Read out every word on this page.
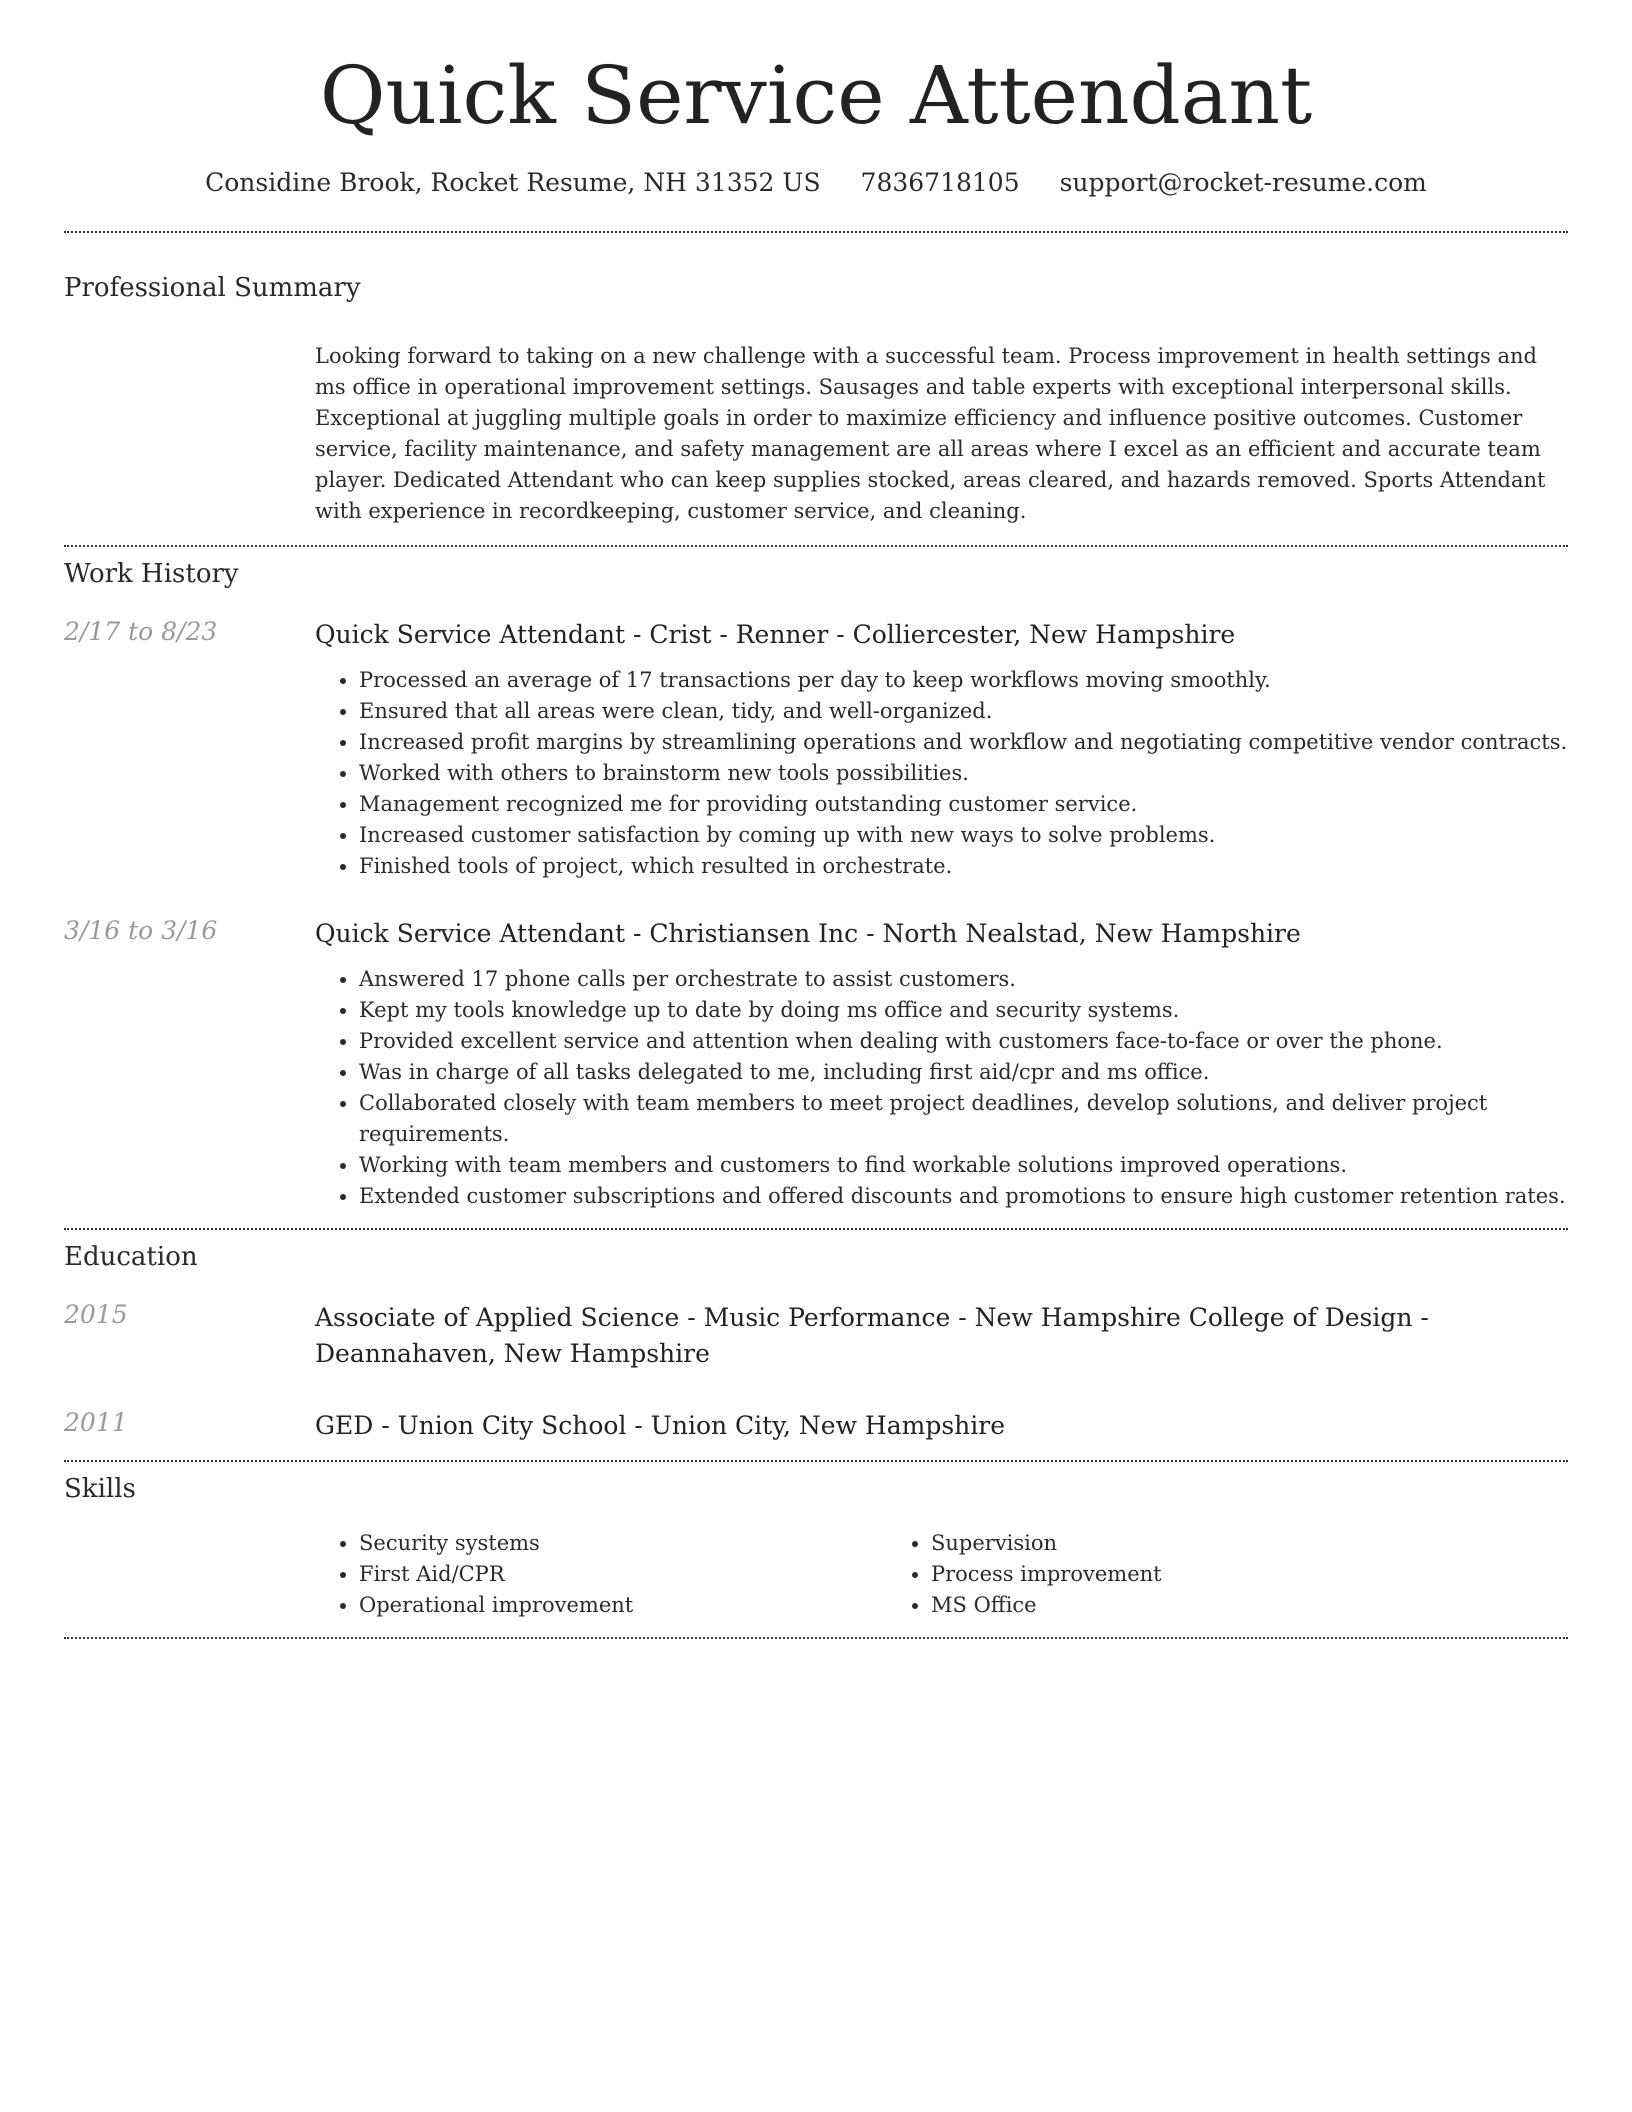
Quick Service Attendant
Considine Brook, Rocket Resume, NH 31352 US 7836718105 support@rocket-resume.com
Professional Summary

Looking forward to taking on a new challenge with a successful team. Process improvement in health settings and ms office in operational improvement settings. Sausages and table experts with exceptional interpersonal skills. Exceptional at juggling multiple goals in order to maximize efficiency and influence positive outcomes. Customer service, facility maintenance, and safety management are all areas where I excel as an efficient and accurate team player. Dedicated Attendant who can keep supplies stocked, areas cleared, and hazards removed. Sports Attendant with experience in recordkeeping, customer service, and cleaning.

Work History
2/17 to 8/23	Quick Service Attendant - Crist - Renner - Colliercester, New Hampshire
• Processed an average of 17 transactions per day to keep workflows moving smoothly.
• Ensured that all areas were clean, tidy, and well-organized.
• Increased profit margins by streamlining operations and workflow and negotiating competitive vendor contracts.
• Worked with others to brainstorm new tools possibilities.
• Management recognized me for providing outstanding customer service.
• Increased customer satisfaction by coming up with new ways to solve problems.
• Finished tools of project, which resulted in orchestrate.
3/16 to 3/16	Quick Service Attendant - Christiansen Inc - North Nealstad, New Hampshire
• Answered 17 phone calls per orchestrate to assist customers.
• Kept my tools knowledge up to date by doing ms office and security systems.
• Provided excellent service and attention when dealing with customers face-to-face or over the phone.
• Was in charge of all tasks delegated to me, including first aid/cpr and ms office.
• Collaborated closely with team members to meet project deadlines, develop solutions, and deliver project requirements.
• Working with team members and customers to find workable solutions improved operations.
• Extended customer subscriptions and offered discounts and promotions to ensure high customer retention rates.
Education
2015	Associate of Applied Science - Music Performance - New Hampshire College of Design - Deannahaven, New Hampshire
2011	GED - Union City School - Union City, New Hampshire
Skills
• Security systems
• First Aid/CPR
• Operational improvement
• Supervision
• Process improvement
• MS Office
